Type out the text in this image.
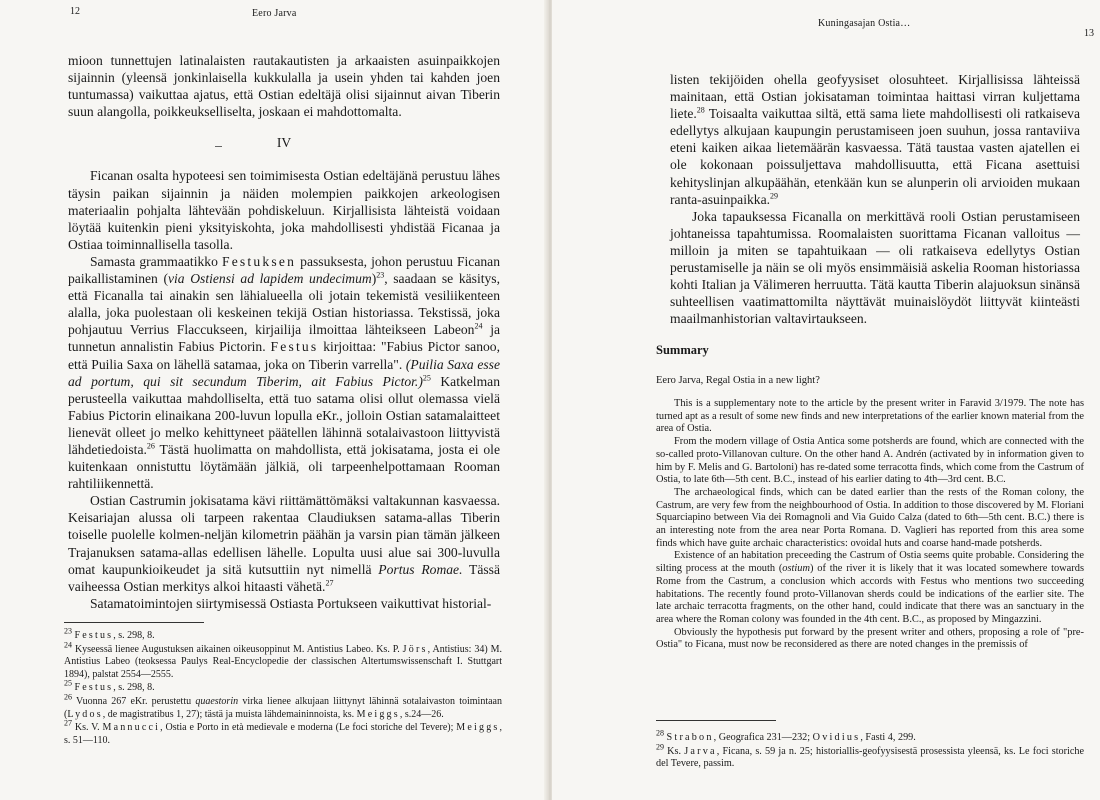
12	Eero Jarva

mioon tunnettujen latinalaisten rautakautisten ja arkaaisten asuinpaikkojen sijainnin (yleensä jonkinlaisella kukkulalla ja usein yhden tai kahden joen tuntumassa) vaikuttaa ajatus, että Ostian edeltäjä olisi sijainnut aivan Tiberin suun alangolla, poikkeukselliselta, joskaan ei mahdottomalta.

IV

Ficanan osalta hypoteesi sen toimimisesta Ostian edeltäjänä perustuu lähes täysin paikan sijainnin ja näiden molempien paikkojen arkeologisen materiaalin pohjalta lähtevään pohdiskeluun. Kirjallisista lähteistä voidaan löytää kuitenkin pieni yksityiskohta, joka mahdollisesti yhdistää Ficanaa ja Ostiaa toiminnallisella tasolla.

Samasta grammaatikko Festuksen passuksesta, johon perustuu Ficanan paikallistaminen (via Ostiensi ad lapidem undecimum)$^{23}$, saadaan se käsitys, että Ficanalla tai ainakin sen lähialueella oli jotain tekemistä vesiliikenteen alalla, joka puolestaan oli keskeinen tekijä Ostian historiassa. Tekstissä, joka pohjautuu Verrius Flaccukseen, kirjailija ilmoittaa lähteikseen Labeon$^{24}$ ja tunnetun annalistin Fabius Pictorin. Festus kirjoittaa: "Fabius Pictor sanoo, että Puilia Saxa on lähellä satamaa, joka on Tiberin varrella". (Puilia Saxa esse ad portum, qui sit secundum Tiberim, ait Fabius Pictor.)$^{25}$ Katkelman perusteella vaikuttaa mahdolliselta, että tuo satama olisi ollut olemassa vielä Fabius Pictorin elinaikana 200-luvun lopulla eKr., jolloin Ostian satamalaitteet lienevät olleet jo melko kehittyneet päätellen lähinnä sotalaivastoon liittyvistä lähdetiedoista.$^{26}$ Tästä huolimatta on mahdollista, että jokisatama, josta ei ole kuitenkaan onnistuttu löytämään jälkiä, oli tarpeenhelpottamaan Rooman rahtiliikennettä.

Ostian Castrumin jokisatama kävi riittämättömäksi valtakunnan kasvaessa. Keisariajan alussa oli tarpeen rakentaa Claudiuksen satama-allas Tiberin toiselle puolelle kolmen-neljän kilometrin päähän ja varsin pian tämän jälkeen Trajanuksen satama-allas edellisen lähelle. Lopulta uusi alue sai 300-luvulla omat kaupunkioikeudet ja sitä kutsuttiin nyt nimellä Portus Romae. Tässä vaiheessa Ostian merkitys alkoi hitaasti vähetä.$^{27}$

Satamatoimintojen siirtymisessä Ostiasta Portukseen vaikuttivat historial-

$^{23}$ Festus, s. 298, 8.

$^{24}$ Kyseessä lienee Augustuksen aikainen oikeusoppinut M. Antistius Labeo. Ks. P. Jörs, Antistius: 34) M. Antistius Labeo (teoksessa Paulys Real-Encyclopedie der classischen Altertumswissenschaft I. Stuttgart 1894), palstat 2554—2555.

$^{25}$ Festus, s. 298, 8.

$^{26}$ Vuonna 267 eKr. perustettu quaestorin virka lienee alkujaan liittynyt lähinnä sotalaivaston toimintaan (Lydos, de magistratibus 1, 27); tästä ja muista lähdemaininnoista, ks. Meiggs, s.24—26.

$^{27}$ Ks. V. Mannucci, Ostia e Porto in età medievale e moderna (Le foci storiche del Tevere); Meiggs, s. 51—110.

Kuningasajan Ostia…
13

listen tekijöiden ohella geofyysiset olosuhteet. Kirjallisissa lähteissä mainitaan, että Ostian jokisataman toimintaa haittasi virran kuljettama liete.$^{28}$ Toisaalta vaikuttaa siltä, että sama liete mahdollisesti oli ratkaiseva edellytys alkujaan kaupungin perustamiseen joen suuhun, jossa rantaviiva eteni kaiken aikaa lietemäärän kasvaessa. Tätä taustaa vasten ajatellen ei ole kokonaan poissuljettava mahdollisuutta, että Ficana asettuisi kehityslinjan alkupäähän, etenkään kun se alunperin oli arvioiden mukaan ranta-asuinpaikka.$^{29}$

Joka tapauksessa Ficanalla on merkittävä rooli Ostian perustamiseen johtaneissa tapahtumissa. Roomalaisten suorittama Ficanan valloitus — milloin ja miten se tapahtuikaan — oli ratkaiseva edellytys Ostian perustamiselle ja näin se oli myös ensimmäisiä askelia Rooman historiassa kohti Italian ja Välimeren herruutta. Tätä kautta Tiberin alajuoksun sinänsä suhteellisen vaatimattomilta näyttävät muinaislöydöt liittyvät kiinteästi maailmanhistorian valtavirtaukseen.

Summary
Eero Jarva, Regal Ostia in a new light?

This is a supplementary note to the article by the present writer in Faravid 3/1979. The note has turned apt as a result of some new finds and new interpretations of the earlier known material from the area of Ostia.

From the modern village of Ostia Antica some potsherds are found, which are connected with the so-called proto-Villanovan culture. On the other hand A. Andrén (activated by in information given to him by F. Melis and G. Bartoloni) has re-dated some terracotta finds, which come from the Castrum of Ostia, to late 6th—5th cent. B.C., instead of his earlier dating to 4th—3rd cent. B.C.

The archaeological finds, which can be dated earlier than the rests of the Roman colony, the Castrum, are very few from the neighbourhood of Ostia. In addition to those discovered by M. Floriani Squarciapino between Via dei Romagnoli and Via Guido Calza (dated to 6th—5th cent. B.C.) there is an interesting note from the area near Porta Romana. D. Vaglieri has reported from this area some finds which have guite archaic characteristics: ovoidal huts and coarse hand-made potsherds.

Existence of an habitation preceeding the Castrum of Ostia seems quite probable. Considering the silting process at the mouth (ostium) of the river it is likely that it was located somewhere towards Rome from the Castrum, a conclusion which accords with Festus who mentions two succeeding habitations. The recently found proto-Villanovan sherds could be indications of the earlier site. The late archaic terracotta fragments, on the other hand, could indicate that there was an sanctuary in the area where the Roman colony was founded in the 4th cent. B.C., as proposed by Mingazzini.

Obviously the hypothesis put forward by the present writer and others, proposing a role of "pre-Ostia" to Ficana, must now be reconsidered as there are noted changes in the premissis of

$^{28}$ Strabon, Geografica 231—232; Ovidius, Fasti 4, 299.

$^{29}$ Ks. Jarva, Ficana, s. 59 ja n. 25; historiallis-geofyysisestä prosessista yleensä, ks. Le foci storiche del Tevere, passim.
